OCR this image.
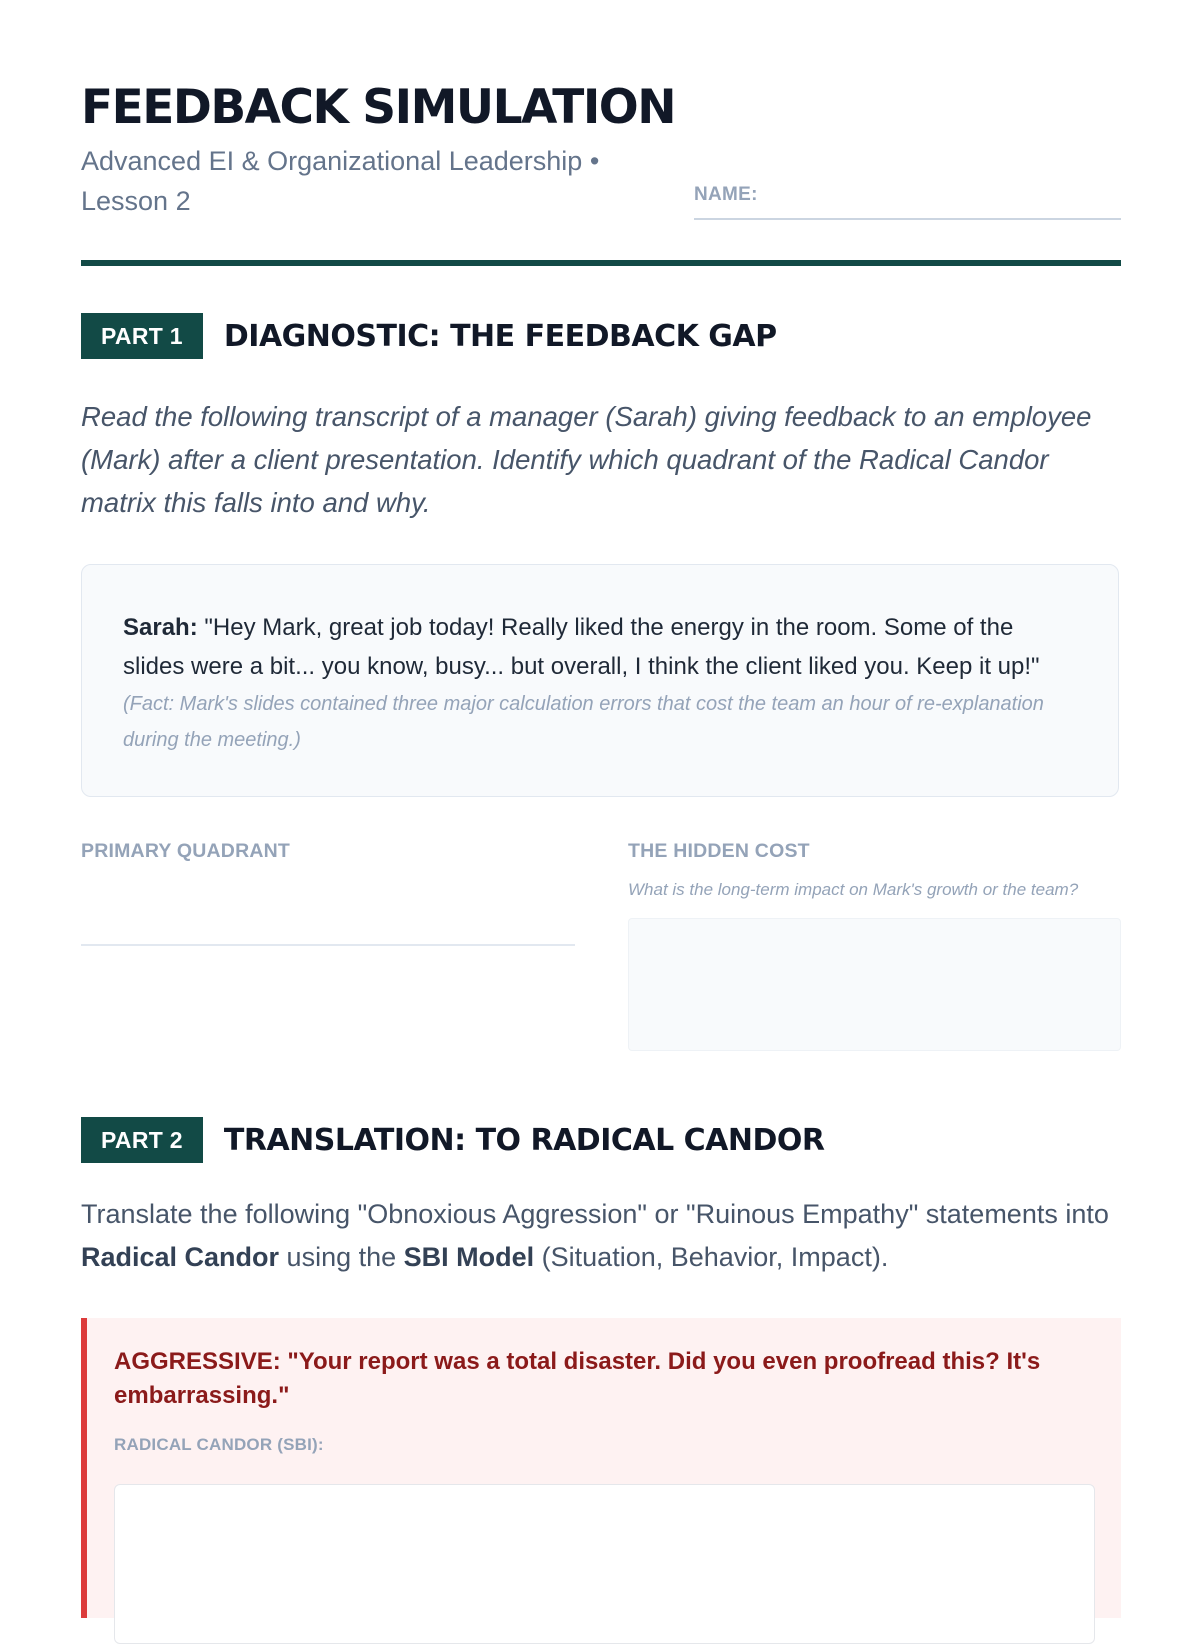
FEEDBACK SIMULATION
Advanced EI & Organizational Leadership • Lesson 2	NAME:
PART 1	DIAGNOSTIC: THE FEEDBACK GAP
Read the following transcript of a manager (Sarah) giving feedback to an employee (Mark) after a client presentation. Identify which quadrant of the Radical Candor matrix this falls into and why.
Sarah: "Hey Mark, great job today! Really liked the energy in the room. Some of the slides were a bit... you know, busy... but overall, I think the client liked you. Keep it up!"
(Fact: Mark's slides contained three major calculation errors that cost the team an hour of re-explanation during the meeting.)
PRIMARY QUADRANT	THE HIDDEN COST
What is the long-term impact on Mark's growth or the team?
PART 2	TRANSLATION: TO RADICAL CANDOR
Translate the following "Obnoxious Aggression" or "Ruinous Empathy" statements into Radical Candor using the SBI Model (Situation, Behavior, Impact).
AGGRESSIVE: "Your report was a total disaster. Did you even proofread this? It's embarrassing."
RADICAL CANDOR (SBI):
